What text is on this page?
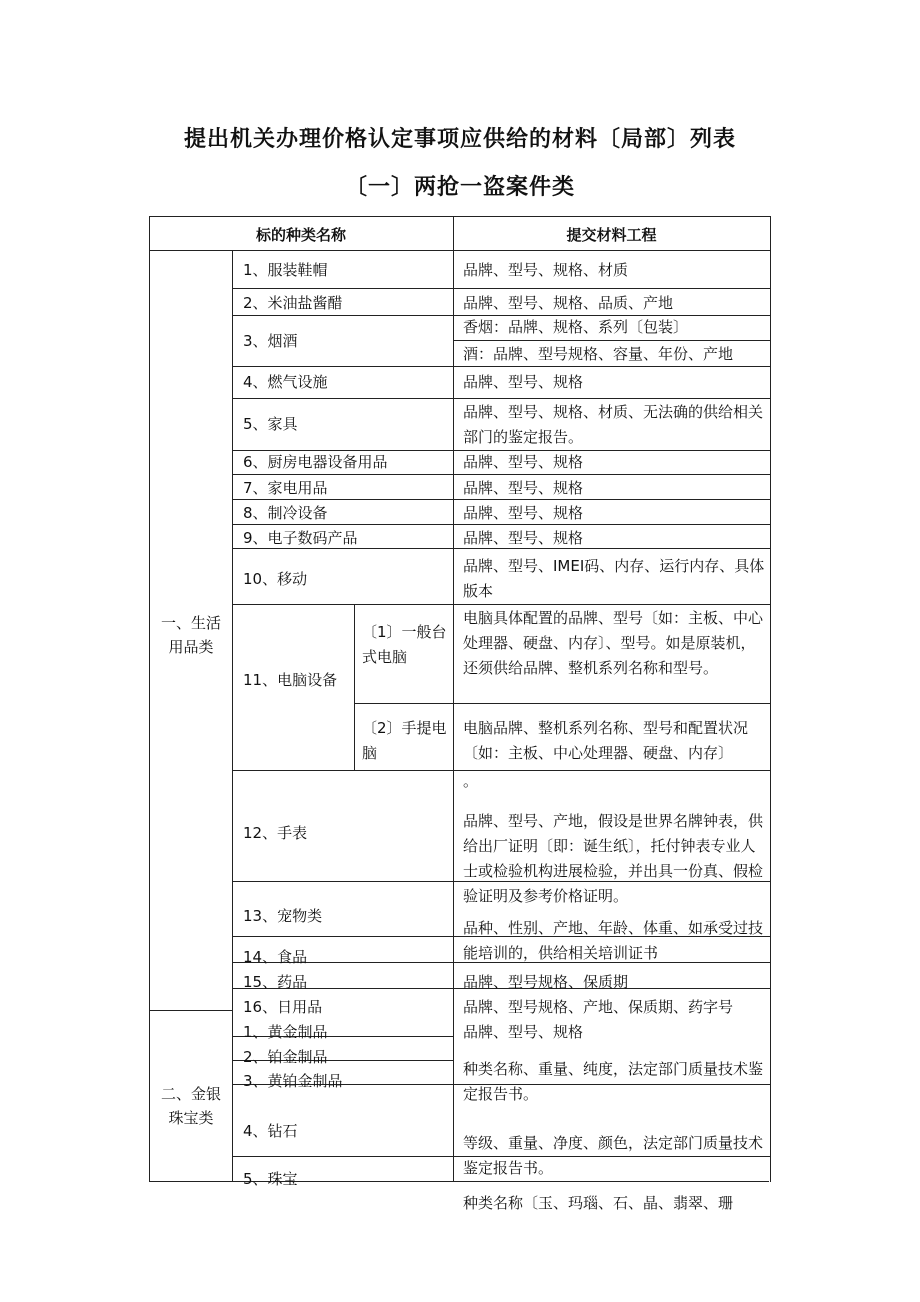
提出机关办理价格认定事项应供给的材料〔局部〕列表
〔一〕两抢一盗案件类
标的种类名称	提交材料工程
一、生活用品类
二、金银珠宝类
1、服装鞋帽
2、米油盐酱醋
3、烟酒
4、燃气设施
5、家具
6、厨房电器设备用品
7、家电用品
8、制冷设备
9、电子数码产品
10、移动
11、电脑设备
12、手表
13、宠物类
14、食品
15、药品
16、日用品
〔1〕一般台式电脑
〔2〕手提电脑
品牌、型号、规格、材质
品牌、型号、规格、品质、产地
香烟：品牌、规格、系列〔包装〕
酒：品牌、型号规格、容量、年份、产地
品牌、型号、规格
品牌、型号、规格、材质、无法确的供给相关部门的鉴定报告。
品牌、型号、规格
品牌、型号、规格
品牌、型号、规格
品牌、型号、规格
品牌、型号、IMEI码、内存、运行内存、具体版本
电脑具体配置的品牌、型号〔如：主板、中心处理器、硬盘、内存〕、型号。如是原装机，还须供给品牌、整机系列名称和型号。
电脑品牌、整机系列名称、型号和配置状况〔如：主板、中心处理器、硬盘、内存〕
。
品牌、型号、产地，假设是世界名牌钟表，供给出厂证明〔即：诞生纸〕，托付钟表专业人士或检验机构进展检验，并出具一份真、假检验证明及参考价格证明。
品种、性别、产地、年龄、体重、如承受过技能培训的，供给相关培训证书
品牌、型号规格、保质期
品牌、型号规格、产地、保质期、药字号
1、黄金制品
2、铂金制品
3、黄铂金制品
4、钻石
5、珠宝
品牌、型号、规格
种类名称、重量、纯度，法定部门质量技术鉴定报告书。
等级、重量、净度、颜色，法定部门质量技术鉴定报告书。
种类名称〔玉、玛瑙、石、晶、翡翠、珊
